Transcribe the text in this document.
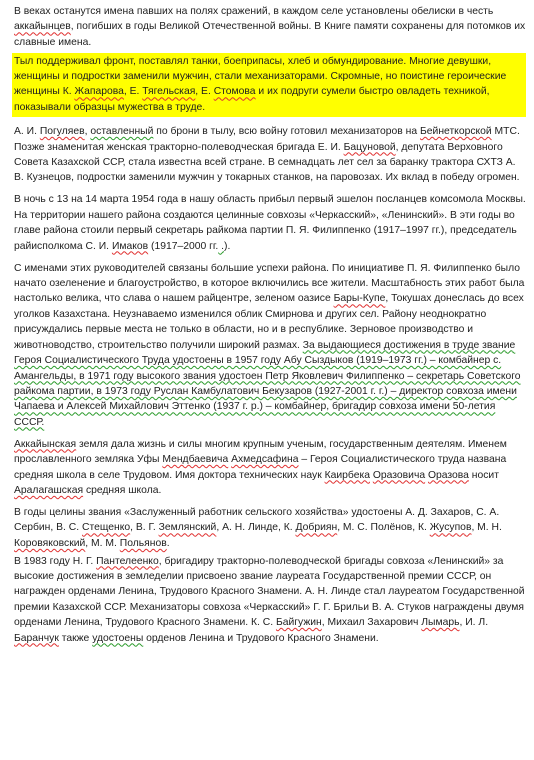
В веках останутся имена павших на полях сражений, в каждом селе установлены обелиски в честь аккайынцев, погибших в годы Великой Отечественной войны. В Книге памяти сохранены для потомков их славные имена.
Тыл поддерживал фронт, поставлял танки, боеприпасы, хлеб и обмундирование. Многие девушки, женщины и подростки заменили мужчин, стали механизаторами. Скромные, но поистине героические женщины К. Жапарова, Е. Тягельская, Е. Стомова и их подруги сумели быстро овладеть техникой, показывали образцы мужества в труде.
А. И. Погуляев, оставленный по брони в тылу, всю войну готовил механизаторов на Бейнеткорской МТС. Позже знаменитая женская тракторно-полеводческая бригада Е. И. Бацуновой, депутата Верховного Совета Казахской ССР, стала известна всей стране. В семнадцать лет сел за баранку трактора СХТЗ А. В. Кузнецов, подростки заменили мужчин у токарных станков, на паровозах. Их вклад в победу огромен.
В ночь с 13 на 14 марта 1954 года в нашу область прибыл первый эшелон посланцев комсомола Москвы. На территории нашего района создаются целинные совхозы «Черкасский», «Ленинский». В эти годы во главе района стоили первый секретарь райкома партии П. Я. Филиппенко (1917–1997 гг.), председатель райисполкома С. И. Имаков (1917–2000 гг. .).
С именами этих руководителей связаны большие успехи района. По инициативе П. Я. Филиппенко было начато озеленение и благоустройство, в которое включились все жители. Масштабность этих работ была настолько велика, что слава о нашем райцентре, зеленом оазисе Бары-Купе, Токушах донеслась до всех уголков Казахстана. Неузнаваемо изменился облик Смирнова и других сел. Району неоднократно присуждались первые места не только в области, но и в республике. Зерновое производство и животноводство, строительство получили широкий размах. За выдающиеся достижения в труде звание Героя Социалистического Труда удостоены в 1957 году Абу Сыздыков (1919–1973 гг.) – комбайнер с. Амангельды, в 1971 году высокого звания удостоен Петр Яковлевич Филиппенко – секретарь Советского райкома партии, в 1973 году Руслан Камбулатович Бекузаров (1927-2001 г. г.) – директор совхоза имени Чапаева и Алексей Михайлович Эттенко (1937 г. р.) – комбайнер, бригадир совхоза имени 50-летия СССР.
Аккайынская земля дала жизнь и силы многим крупным ученым, государственным деятелям. Именем прославленного земляка Уфы Мендбаевича Ахмедсафина – Героя Социалистического труда названа средняя школа в селе Трудовом. Имя доктора технических наук Каирбека Оразовича Оразова носит Аралагашская средняя школа.
В годы целины звания «Заслуженный работник сельского хозяйства» удостоены А. Д. Захаров, С. А. Сербин, В. С. Стещенко, В. Г. Землянский, А. Н. Линде, К. Добриян, М. С. Полёнов, К. Жусупов, М. Н. Коровяковский, М. М. Польянов.
В 1983 году Н. Г. Пантелеенко, бригадиру тракторно-полеводческой бригады совхоза «Ленинский» за высокие достижения в земледелии присвоено звание лауреата Государственной премии СССР, он награжден орденами Ленина, Трудового Красного Знамени. А. Н. Линде стал лауреатом Государственной премии Казахской ССР. Механизаторы совхоза «Черкасский» Г. Г. Брильи В. А. Стуков награждены двумя орденами Ленина, Трудового Красного Знамени. К. С. Байгужин, Михаил Захарович Лымарь, И. Л. Баранчук также удостоены орденов Ленина и Трудового Красного Знамени.
